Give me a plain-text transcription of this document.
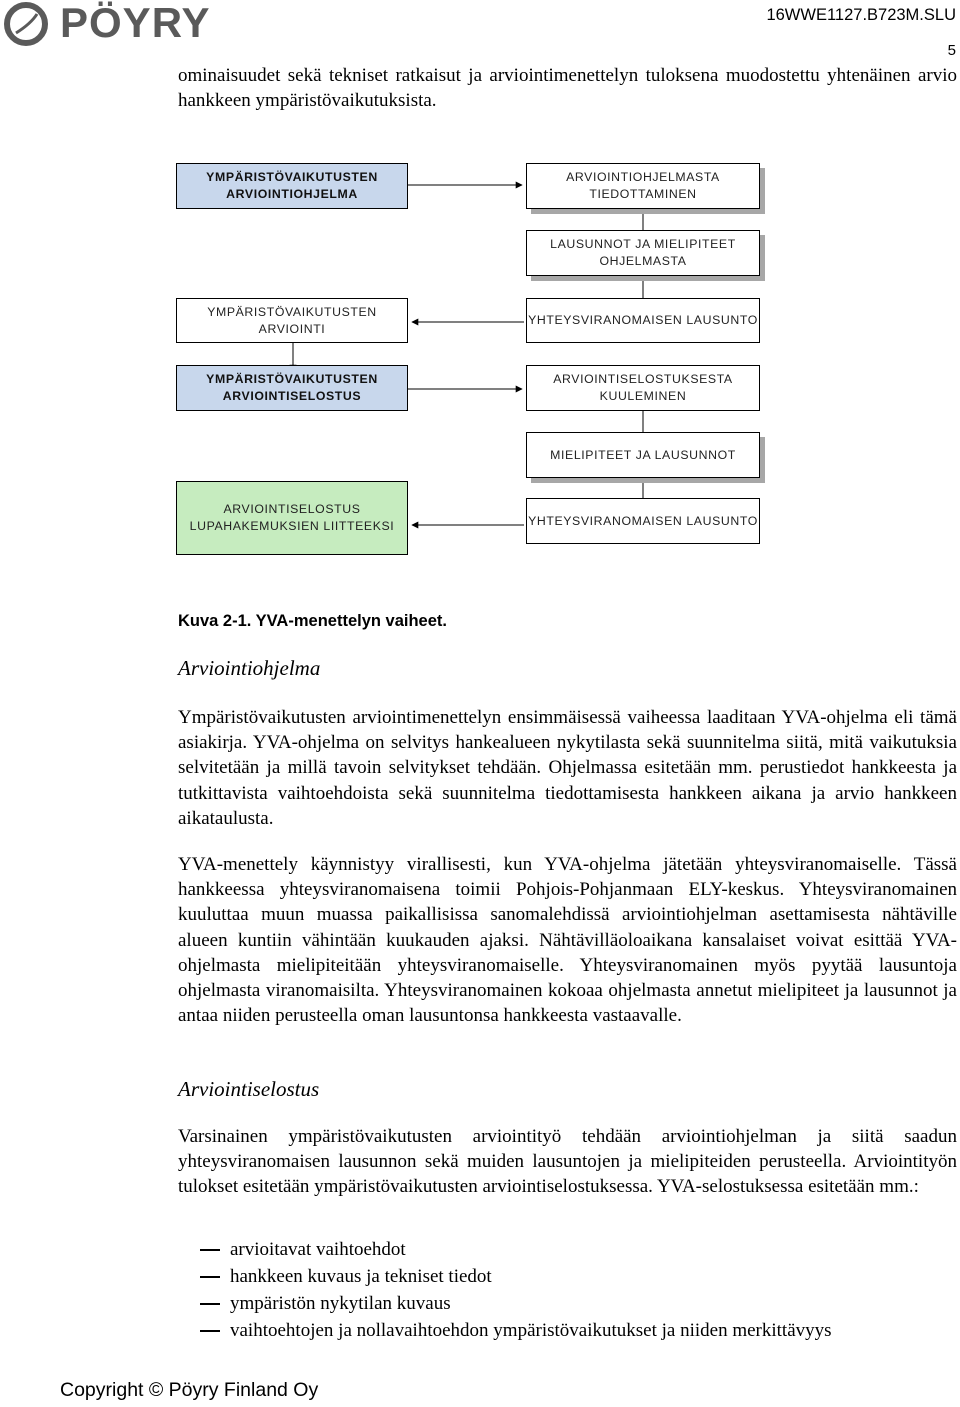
PÖYRY	16WWE1127.B723M.SLU
5

ominaisuudet sekä tekniset ratkaisut ja arviointimenettelyn tuloksena muodostettu yhtenäinen arvio hankkeen ympäristövaikutuksista.

YMPÄRISTÖVAIKUTUSTEN ARVIOINTIOHJELMA
YMPÄRISTÖVAIKUTUSTEN ARVIOINTI
YMPÄRISTÖVAIKUTUSTEN ARVIOINTISELOSTUS
ARVIOINTISELOSTUS LUPAHAKEMUKSIEN LIITTEEKSI
ARVIOINTIOHJELMASTA TIEDOTTAMINEN
LAUSUNNOT JA MIELIPITEET OHJELMASTA
YHTEYSVIRANOMAISEN LAUSUNTO
ARVIOINTISELOSTUKSESTA KUULEMINEN
MIELIPITEET JA LAUSUNNOT
YHTEYSVIRANOMAISEN LAUSUNTO
Kuva 2-1. YVA-menettelyn vaiheet.
Arviointiohjelma

Ympäristövaikutusten arviointimenettelyn ensimmäisessä vaiheessa laaditaan YVA-ohjelma eli tämä asiakirja. YVA-ohjelma on selvitys hankealueen nykytilasta sekä suunnitelma siitä, mitä vaikutuksia selvitetään ja millä tavoin selvitykset tehdään. Ohjelmassa esitetään mm. perustiedot hankkeesta ja tutkittavista vaihtoehdoista sekä suunnitelma tiedottamisesta hankkeen aikana ja arvio hankkeen aikataulusta.

YVA-menettely käynnistyy virallisesti, kun YVA-ohjelma jätetään yhteysviranomaiselle. Tässä hankkeessa yhteysviranomaisena toimii Pohjois-Pohjanmaan ELY-keskus. Yhteysviranomainen kuuluttaa muun muassa paikallisissa sanomalehdissä arviointiohjelman asettamisesta nähtäville alueen kuntiin vähintään kuukauden ajaksi. Nähtävilläoloaikana kansalaiset voivat esittää YVA-ohjelmasta mielipiteitään yhteysviranomaiselle. Yhteysviranomainen myös pyytää lausuntoja ohjelmasta viranomaisilta. Yhteysviranomainen kokoaa ohjelmasta annetut mielipiteet ja lausunnot ja antaa niiden perusteella oman lausuntonsa hankkeesta vastaavalle.

Arviointiselostus

Varsinainen ympäristövaikutusten arviointityö tehdään arviointiohjelman ja siitä saadun yhteysviranomaisen lausunnon sekä muiden lausuntojen ja mielipiteiden perusteella. Arviointityön tulokset esitetään ympäristövaikutusten arviointiselostuksessa. YVA-selostuksessa esitetään mm.:

arvioitavat vaihtoehdot
hankkeen kuvaus ja tekniset tiedot
ympäristön nykytilan kuvaus
vaihtoehtojen ja nollavaihtoehdon ympäristövaikutukset ja niiden merkittävyys
Copyright © Pöyry Finland Oy
